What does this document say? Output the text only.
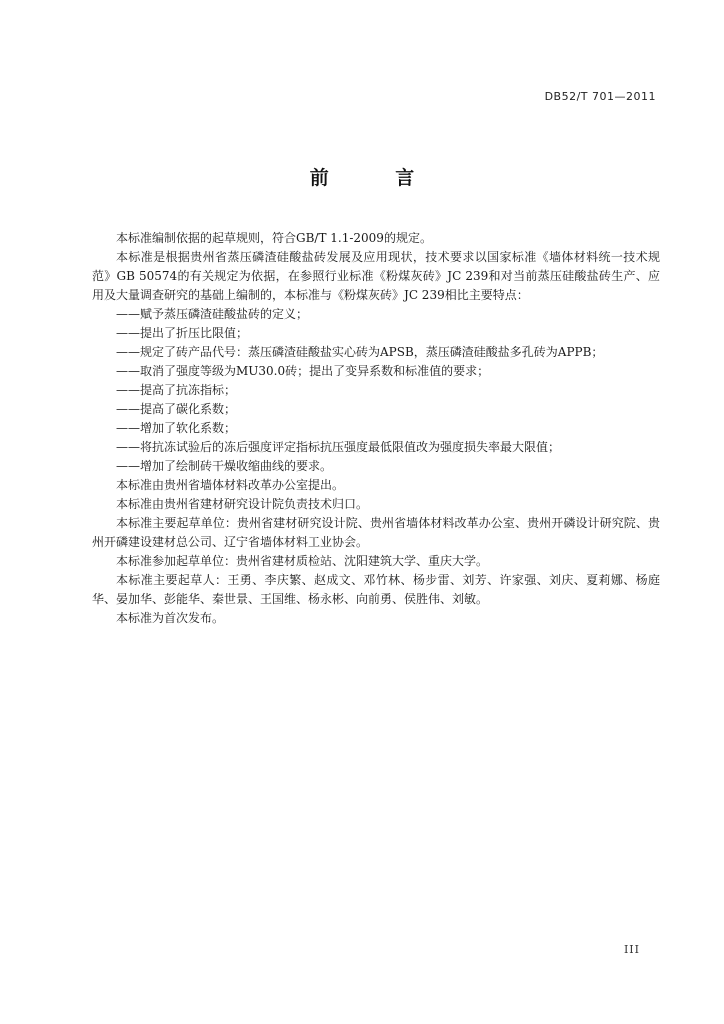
DB52/T 701—2011
前 言

本标准编制依据的起草规则，符合GB/T 1.1-2009的规定。

本标准是根据贵州省蒸压磷渣硅酸盐砖发展及应用现状，技术要求以国家标准《墙体材料统一技术规范》GB 50574的有关规定为依据，在参照行业标准《粉煤灰砖》JC 239和对当前蒸压硅酸盐砖生产、应用及大量调查研究的基础上编制的，本标准与《粉煤灰砖》JC 239相比主要特点：

——赋予蒸压磷渣硅酸盐砖的定义；

——提出了折压比限值；

——规定了砖产品代号：蒸压磷渣硅酸盐实心砖为APSB，蒸压磷渣硅酸盐多孔砖为APPB；

——取消了强度等级为MU30.0砖；提出了变异系数和标准值的要求；

——提高了抗冻指标；

——提高了碳化系数；

——增加了软化系数；

——将抗冻试验后的冻后强度评定指标抗压强度最低限值改为强度损失率最大限值；

——增加了绘制砖干燥收缩曲线的要求。

本标准由贵州省墙体材料改革办公室提出。

本标准由贵州省建材研究设计院负责技术归口。

本标准主要起草单位：贵州省建材研究设计院、贵州省墙体材料改革办公室、贵州开磷设计研究院、贵州开磷建设建材总公司、辽宁省墙体材料工业协会。

本标准参加起草单位：贵州省建材质检站、沈阳建筑大学、重庆大学。

本标准主要起草人：王勇、李庆繁、赵成文、邓竹林、杨步雷、刘芳、许家强、刘庆、夏莉娜、杨庭华、晏加华、彭能华、秦世景、王国维、杨永彬、向前勇、侯胜伟、刘敏。

本标准为首次发布。

III
